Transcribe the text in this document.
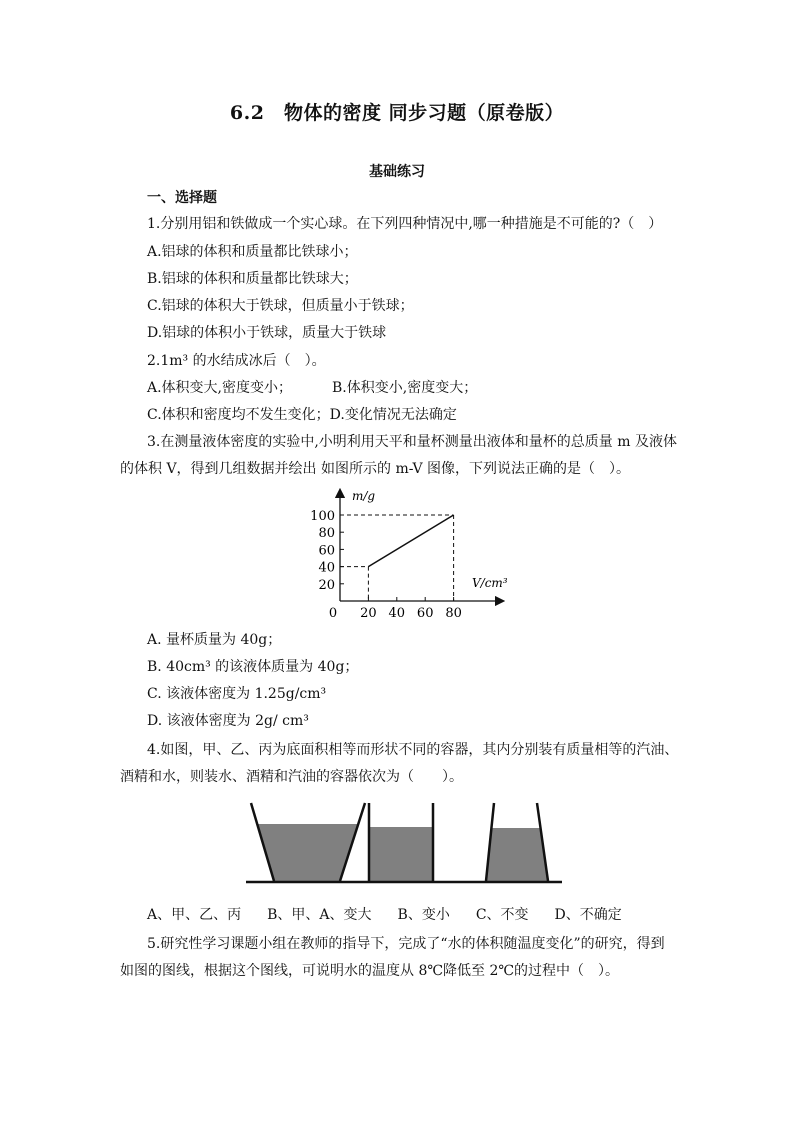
6.2　物体的密度 同步习题（原卷版）
基础练习
一、选择题
1.分别用铝和铁做成一个实心球。在下列四种情况中,哪一种措施是不可能的?（　）
A.铝球的体积和质量都比铁球小；
B.铝球的体积和质量都比铁球大；
C.铝球的体积大于铁球，但质量小于铁球；
D.铝球的体积小于铁球，质量大于铁球
2.1m³ 的水结成冰后（　）。
A.体积变大,密度变小；	B.体积变小,密度变大；
C.体积和密度均不发生变化；D.变化情况无法确定
3.在测量液体密度的实验中,小明利用天平和量杯测量出液体和量杯的总质量 m 及液体
的体积 V，得到几组数据并绘出 如图所示的 m-V 图像，下列说法正确的是（　）。
m/g
V/cm³
0 20 40 60 80
20
40
60
80
100
A. 量杯质量为 40g；
B. 40cm³ 的该液体质量为 40g；
C. 该液体密度为 1.25g/cm³
D. 该液体密度为 2g/ cm³
4.如图，甲、乙、丙为底面积相等而形状不同的容器，其内分别装有质量相等的汽油、
酒精和水，则装水、酒精和汽油的容器依次为（　　）。
A、甲、乙、丙 B、甲、A、变大 B、变小 C、不变 D、不确定
5.研究性学习课题小组在教师的指导下，完成了“水的体积随温度变化”的研究，得到
如图的图线，根据这个图线，可说明水的温度从 8℃降低至 2℃的过程中（　）。
